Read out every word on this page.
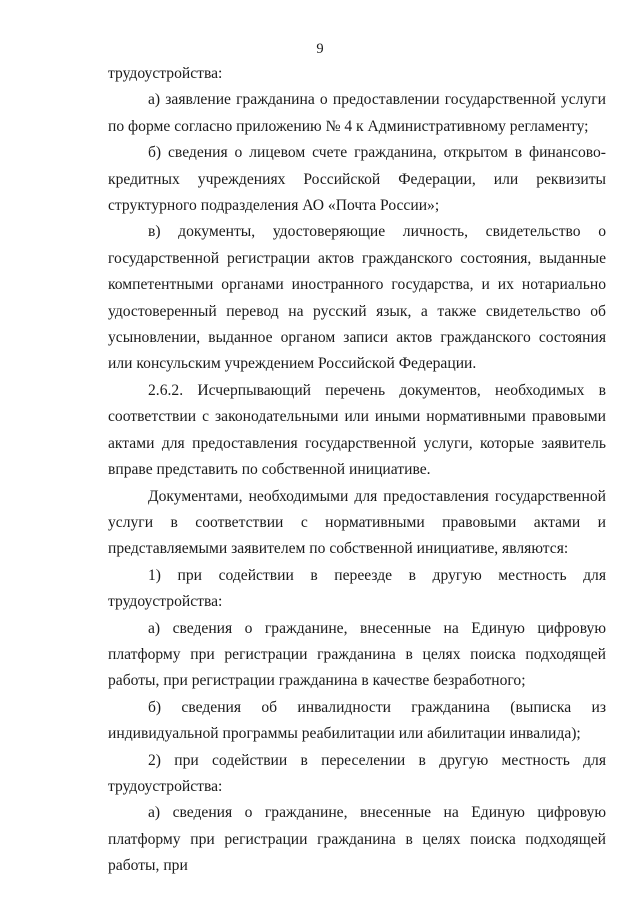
9

трудоустройства:

а) заявление гражданина о предоставлении государственной услуги по форме согласно приложению № 4 к Административному регламенту;

б) сведения о лицевом счете гражданина, открытом в финансово-кредитных учреждениях Российской Федерации, или реквизиты структурного подразделения АО «Почта России»;

в) документы, удостоверяющие личность, свидетельство о государственной регистрации актов гражданского состояния, выданные компетентными органами иностранного государства, и их нотариально удостоверенный перевод на русский язык, а также свидетельство об усыновлении, выданное органом записи актов гражданского состояния или консульским учреждением Российской Федерации.

2.6.2. Исчерпывающий перечень документов, необходимых в соответствии с законодательными или иными нормативными правовыми актами для предоставления государственной услуги, которые заявитель вправе представить по собственной инициативе.

Документами, необходимыми для предоставления государственной услуги в соответствии с нормативными правовыми актами и представляемыми заявителем по собственной инициативе, являются:

1) при содействии в переезде в другую местность для трудоустройства:

а) сведения о гражданине, внесенные на Единую цифровую платформу при регистрации гражданина в целях поиска подходящей работы, при регистрации гражданина в качестве безработного;

б) сведения об инвалидности гражданина (выписка из индивидуальной программы реабилитации или абилитации инвалида);

2) при содействии в переселении в другую местность для трудоустройства:

а) сведения о гражданине, внесенные на Единую цифровую платформу при регистрации гражданина в целях поиска подходящей работы, при
